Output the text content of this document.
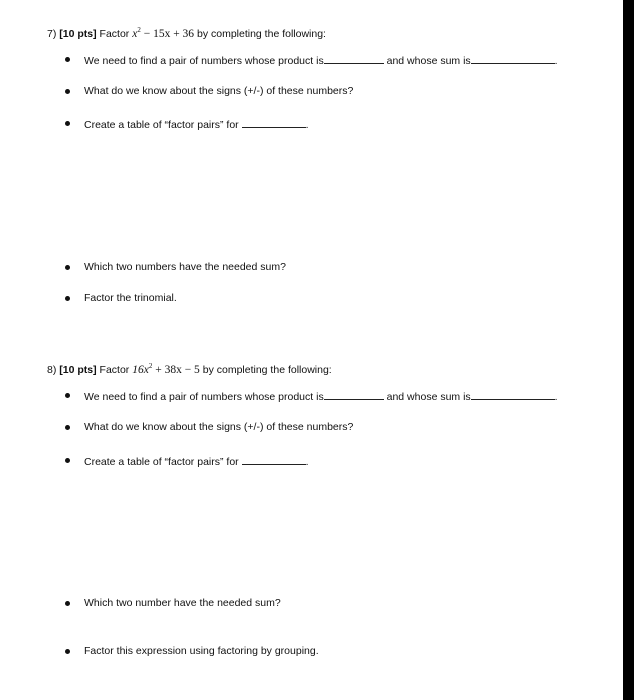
7) [10 pts] Factor $x^2 - 15x + 36$ by completing the following:
We need to find a pair of numbers whose product is	and whose sum is	.
What do we know about the signs (+/-) of these numbers?
Create a table of “factor pairs” for	.
Which two numbers have the needed sum?
Factor the trinomial.
8) [10 pts] Factor $16x^2 + 38x - 5$ by completing the following:
We need to find a pair of numbers whose product is	and whose sum is	.
What do we know about the signs (+/-) of these numbers?
Create a table of “factor pairs” for	.
Which two number have the needed sum?
Factor this expression using factoring by grouping.
